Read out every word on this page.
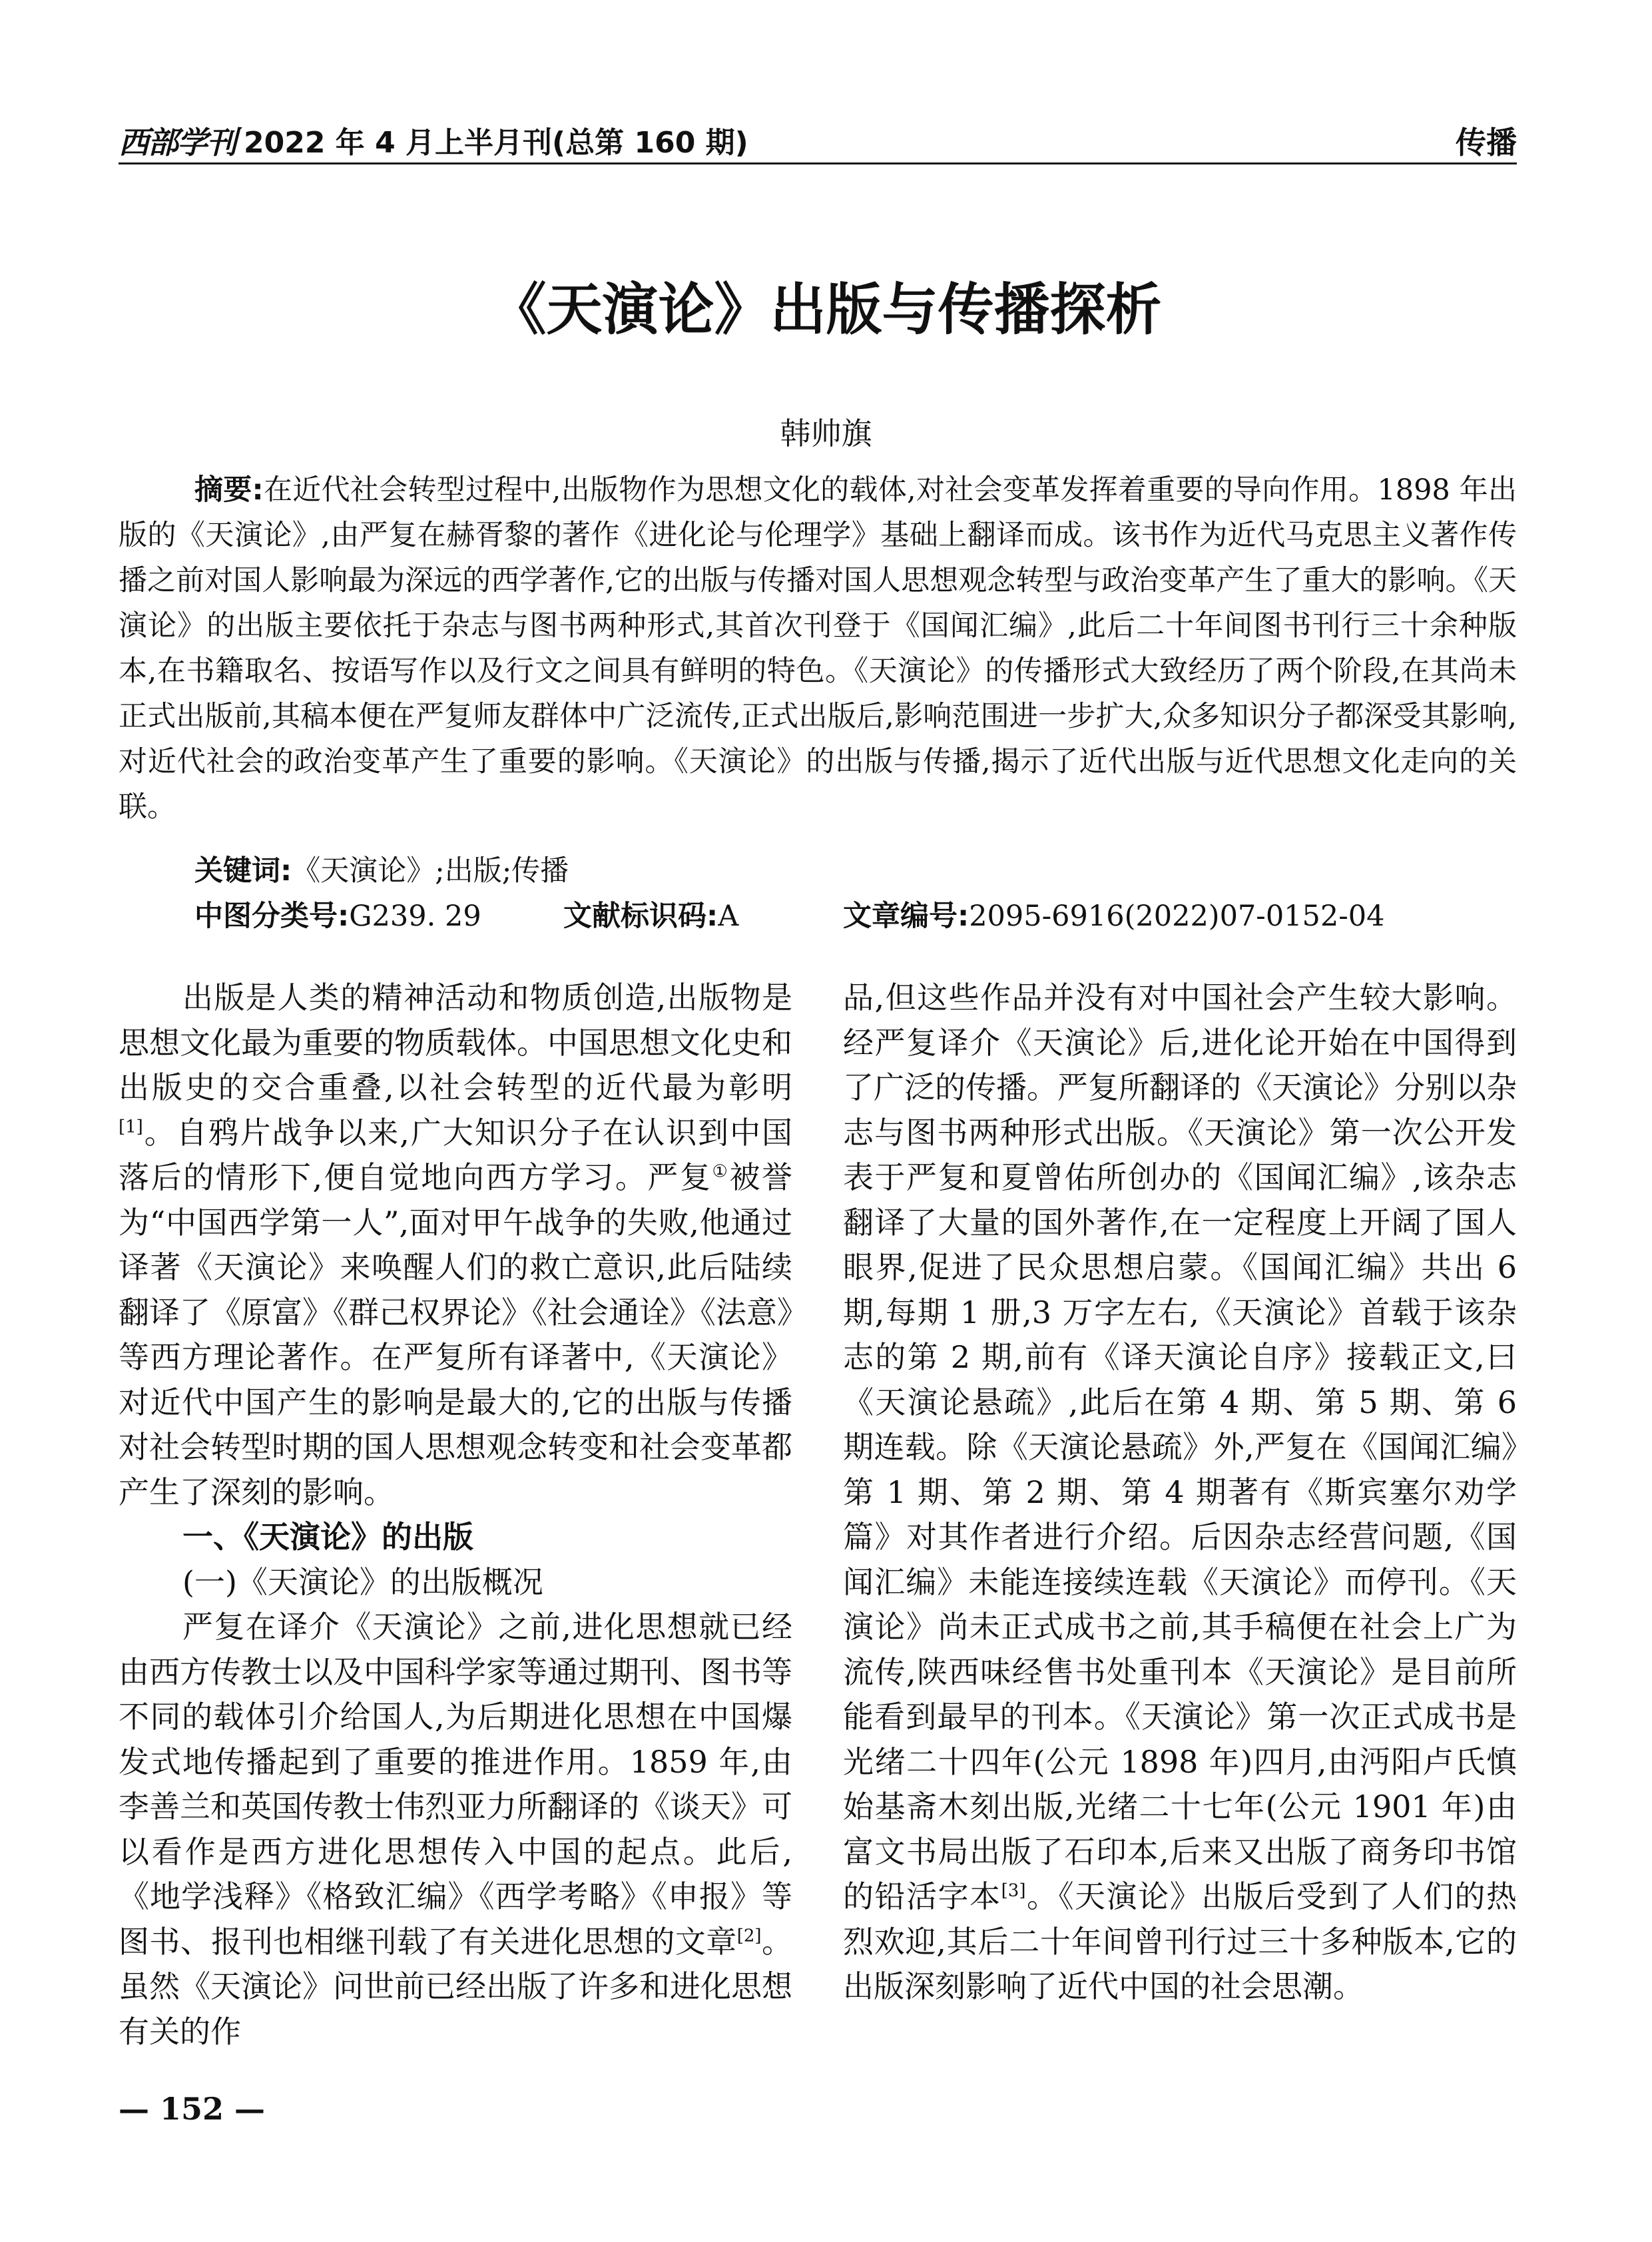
西部学刊 2022 年 4 月上半月刊(总第 160 期)	传播
《天演论》出版与传播探析
韩帅旗
摘要:在近代社会转型过程中,出版物作为思想文化的载体,对社会变革发挥着重要的导向作用。1898 年出版的《天演论》,由严复在赫胥黎的著作《进化论与伦理学》基础上翻译而成。该书作为近代马克思主义著作传播之前对国人影响最为深远的西学著作,它的出版与传播对国人思想观念转型与政治变革产生了重大的影响。《天演论》的出版主要依托于杂志与图书两种形式,其首次刊登于《国闻汇编》,此后二十年间图书刊行三十余种版本,在书籍取名、按语写作以及行文之间具有鲜明的特色。《天演论》的传播形式大致经历了两个阶段,在其尚未正式出版前,其稿本便在严复师友群体中广泛流传,正式出版后,影响范围进一步扩大,众多知识分子都深受其影响,对近代社会的政治变革产生了重要的影响。《天演论》的出版与传播,揭示了近代出版与近代思想文化走向的关联。
关键词:《天演论》;出版;传播
中图分类号:G239. 29	文献标识码:A	文章编号:2095-6916(2022)07-0152-04

出版是人类的精神活动和物质创造,出版物是思想文化最为重要的物质载体。中国思想文化史和出版史的交合重叠,以社会转型的近代最为彰明[1]。自鸦片战争以来,广大知识分子在认识到中国落后的情形下,便自觉地向西方学习。严复①被誉为“中国西学第一人”,面对甲午战争的失败,他通过译著《天演论》来唤醒人们的救亡意识,此后陆续翻译了《原富》《群己权界论》《社会通诠》《法意》等西方理论著作。在严复所有译著中,《天演论》对近代中国产生的影响是最大的,它的出版与传播对社会转型时期的国人思想观念转变和社会变革都产生了深刻的影响。

一、《天演论》的出版

(一)《天演论》的出版概况

严复在译介《天演论》之前,进化思想就已经由西方传教士以及中国科学家等通过期刊、图书等不同的载体引介给国人,为后期进化思想在中国爆发式地传播起到了重要的推进作用。1859 年,由李善兰和英国传教士伟烈亚力所翻译的《谈天》可以看作是西方进化思想传入中国的起点。此后,《地学浅释》《格致汇编》《西学考略》《申报》等图书、报刊也相继刊载了有关进化思想的文章[2]。虽然《天演论》问世前已经出版了许多和进化思想有关的作

品,但这些作品并没有对中国社会产生较大影响。经严复译介《天演论》后,进化论开始在中国得到了广泛的传播。严复所翻译的《天演论》分别以杂志与图书两种形式出版。《天演论》第一次公开发表于严复和夏曾佑所创办的《国闻汇编》,该杂志翻译了大量的国外著作,在一定程度上开阔了国人眼界,促进了民众思想启蒙。《国闻汇编》共出 6 期,每期 1 册,3 万字左右,《天演论》首载于该杂志的第 2 期,前有《译天演论自序》接载正文,曰《天演论悬疏》,此后在第 4 期、第 5 期、第 6 期连载。除《天演论悬疏》外,严复在《国闻汇编》第 1 期、第 2 期、第 4 期著有《斯宾塞尔劝学篇》对其作者进行介绍。后因杂志经营问题,《国闻汇编》未能连接续连载《天演论》而停刊。《天演论》尚未正式成书之前,其手稿便在社会上广为流传,陕西味经售书处重刊本《天演论》是目前所能看到最早的刊本。《天演论》第一次正式成书是光绪二十四年(公元 1898 年)四月,由沔阳卢氏慎始基斋木刻出版,光绪二十七年(公元 1901 年)由富文书局出版了石印本,后来又出版了商务印书馆的铅活字本[3]。《天演论》出版后受到了人们的热烈欢迎,其后二十年间曾刊行过三十多种版本,它的出版深刻影响了近代中国的社会思潮。

— 152 —
